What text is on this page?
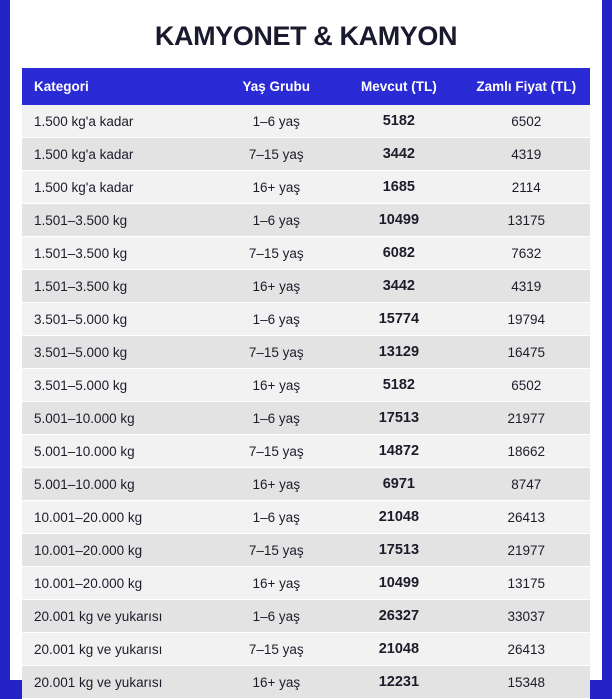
KAMYONET & KAMYON
Kategori	Yaş Grubu	Mevcut (TL)	Zamlı Fiyat (TL)
1.500 kg'a kadar	1–6 yaş	5182	6502
1.500 kg'a kadar	7–15 yaş	3442	4319
1.500 kg'a kadar	16+ yaş	1685	2114
1.501–3.500 kg	1–6 yaş	10499	13175
1.501–3.500 kg	7–15 yaş	6082	7632
1.501–3.500 kg	16+ yaş	3442	4319
3.501–5.000 kg	1–6 yaş	15774	19794
3.501–5.000 kg	7–15 yaş	13129	16475
3.501–5.000 kg	16+ yaş	5182	6502
5.001–10.000 kg	1–6 yaş	17513	21977
5.001–10.000 kg	7–15 yaş	14872	18662
5.001–10.000 kg	16+ yaş	6971	8747
10.001–20.000 kg	1–6 yaş	21048	26413
10.001–20.000 kg	7–15 yaş	17513	21977
10.001–20.000 kg	16+ yaş	10499	13175
20.001 kg ve yukarısı	1–6 yaş	26327	33037
20.001 kg ve yukarısı	7–15 yaş	21048	26413
20.001 kg ve yukarısı	16+ yaş	12231	15348
